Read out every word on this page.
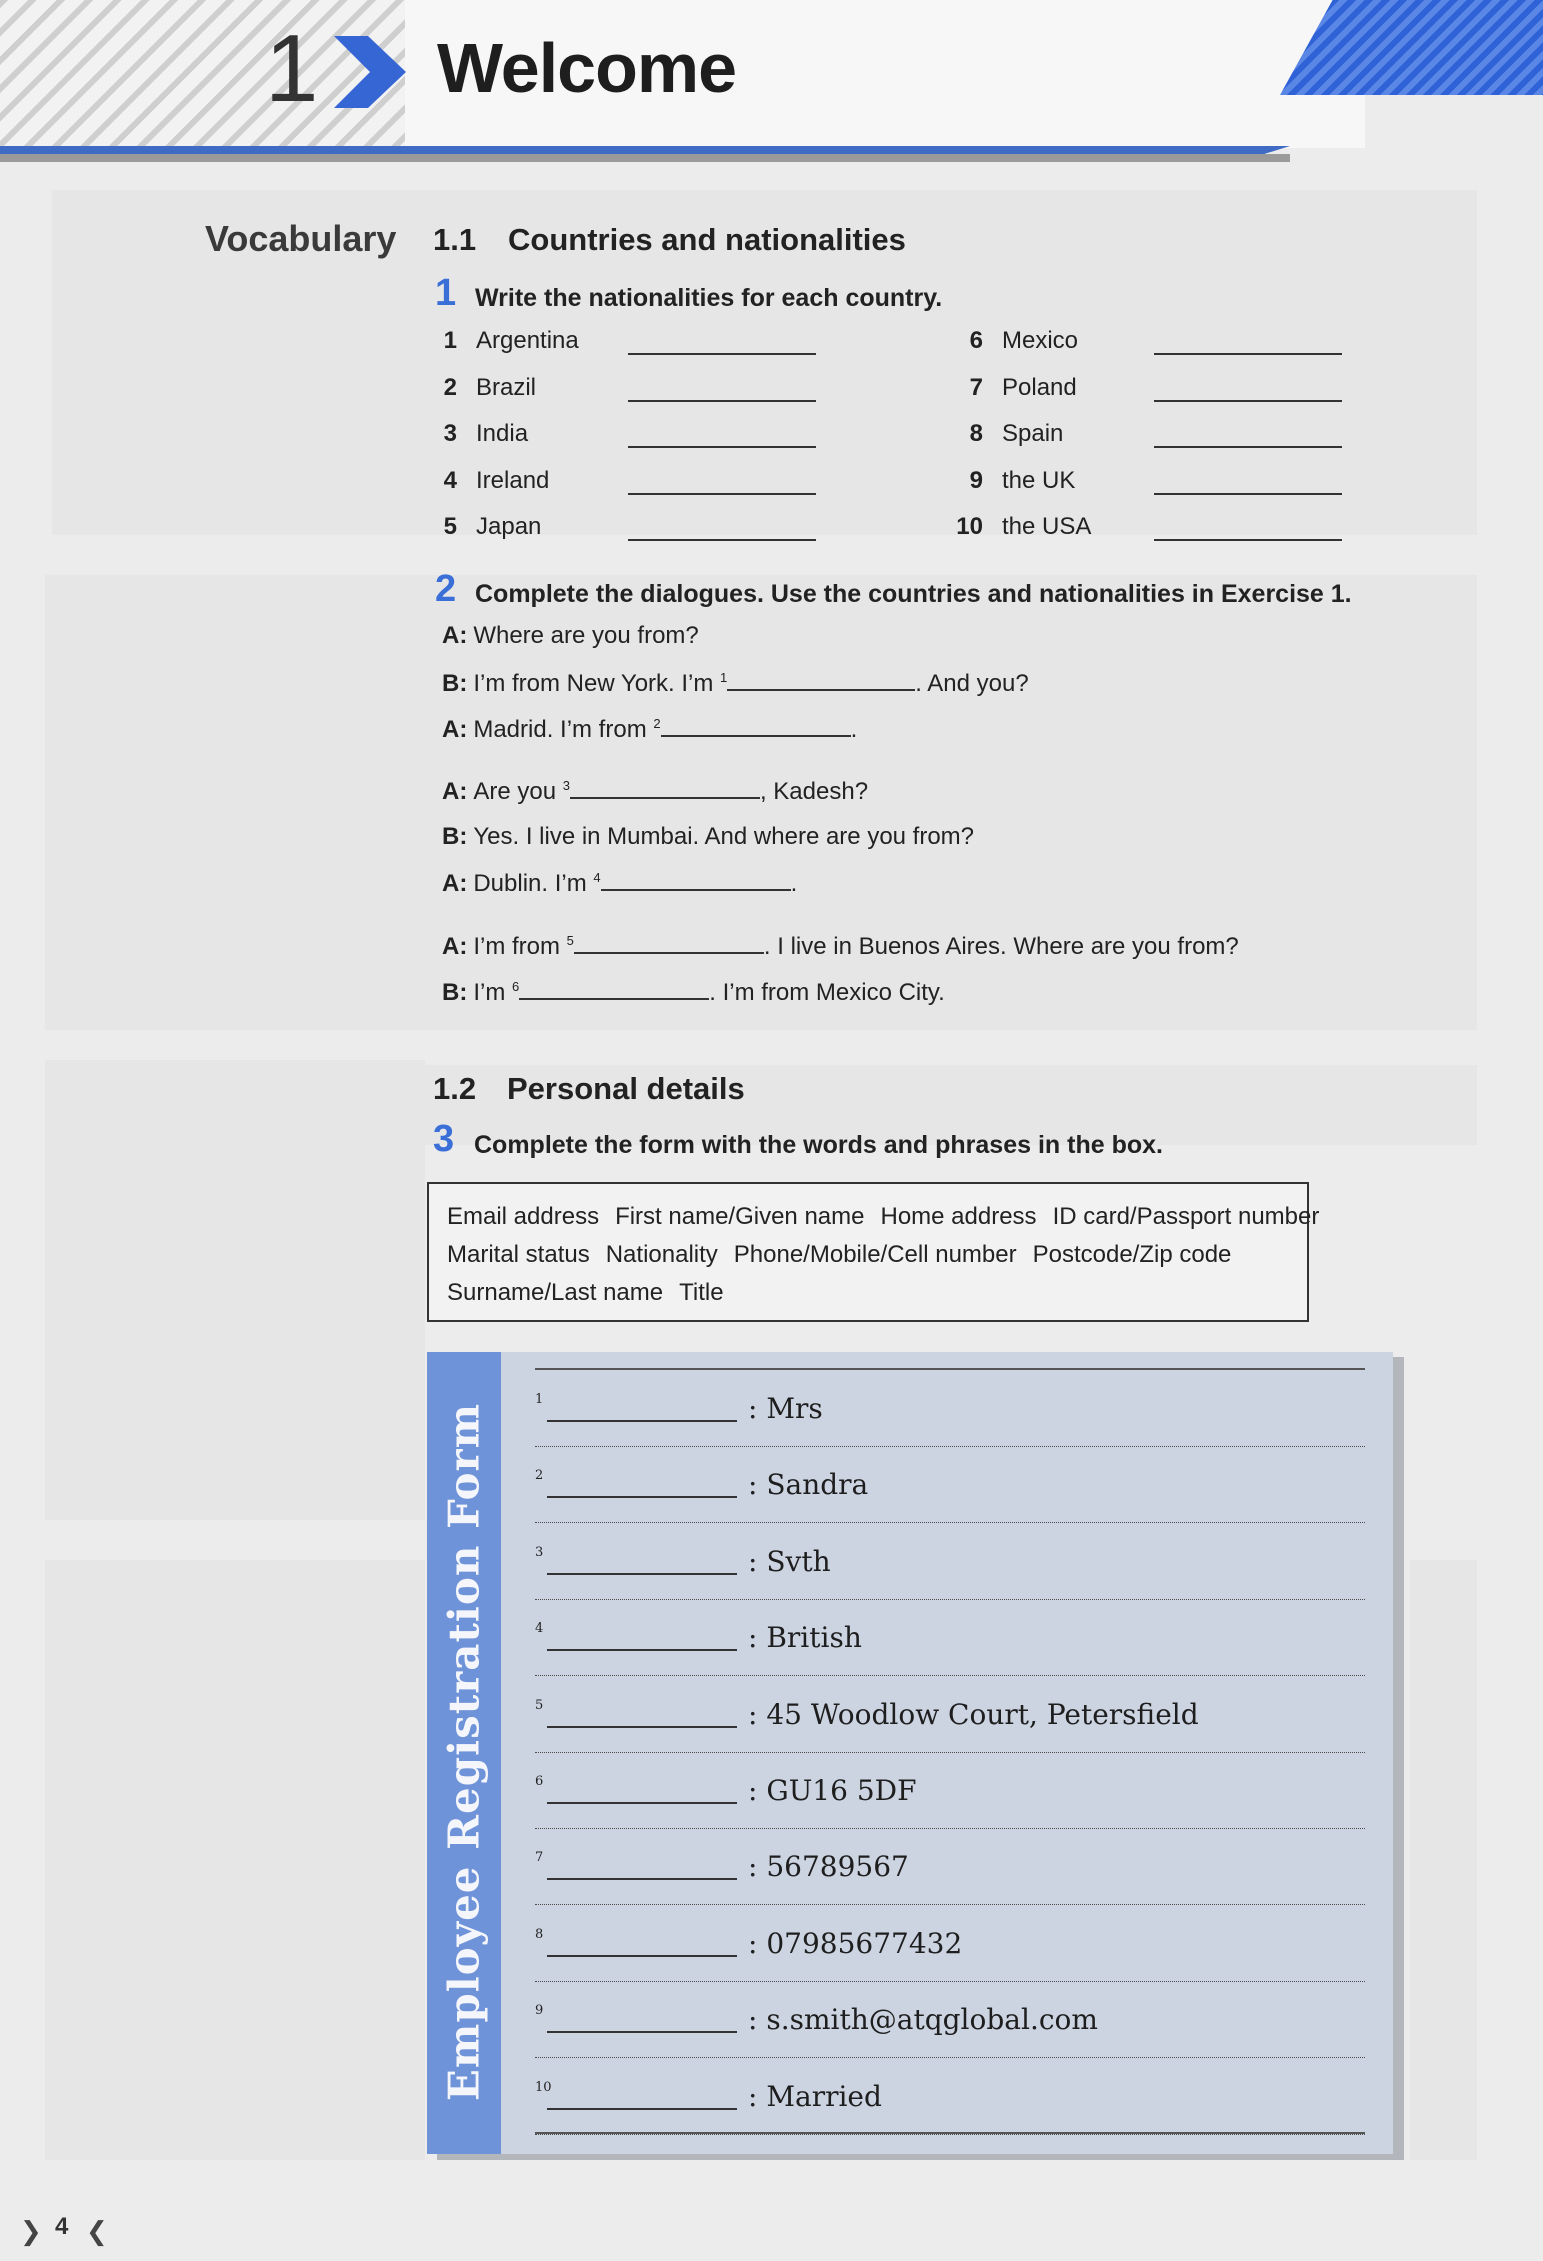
1 Welcome
Vocabulary 1.1 Countries and nationalities
1 Write the nationalities for each country.
1 Argentina
2 Brazil
3 India
4 Ireland
5 Japan
6 Mexico
7 Poland
8 Spain
9 the UK
10 the USA
2 Complete the dialogues. Use the countries and nationalities in Exercise 1.
A: Where are you from?
B: I’m from New York. I’m $^1$	. And you?
A: Madrid. I’m from $^2$	.
A: Are you $^3$	, Kadesh?
B: Yes. I live in Mumbai. And where are you from?
A: Dublin. I’m $^4$	.
A: I’m from $^5$	. I live in Buenos Aires. Where are you from?
B: I’m $^6$	. I’m from Mexico City.
1.2 Personal details
3 Complete the form with the words and phrases in the box.
Email address First name/Given name Home address ID card/Passport number
Marital status Nationality Phone/Mobile/Cell number Postcode/Zip code
Surname/Last name Title
Employee Registration Form
1	: Mrs
2	: Sandra
3	: Svth
4	: British
5	: 45 Woodlow Court, Petersfield
6	: GU16 5DF
7	: 56789567
8	: 07985677432
9	: s.smith@atqglobal.com
10	: Married
❯ 4 ❮
